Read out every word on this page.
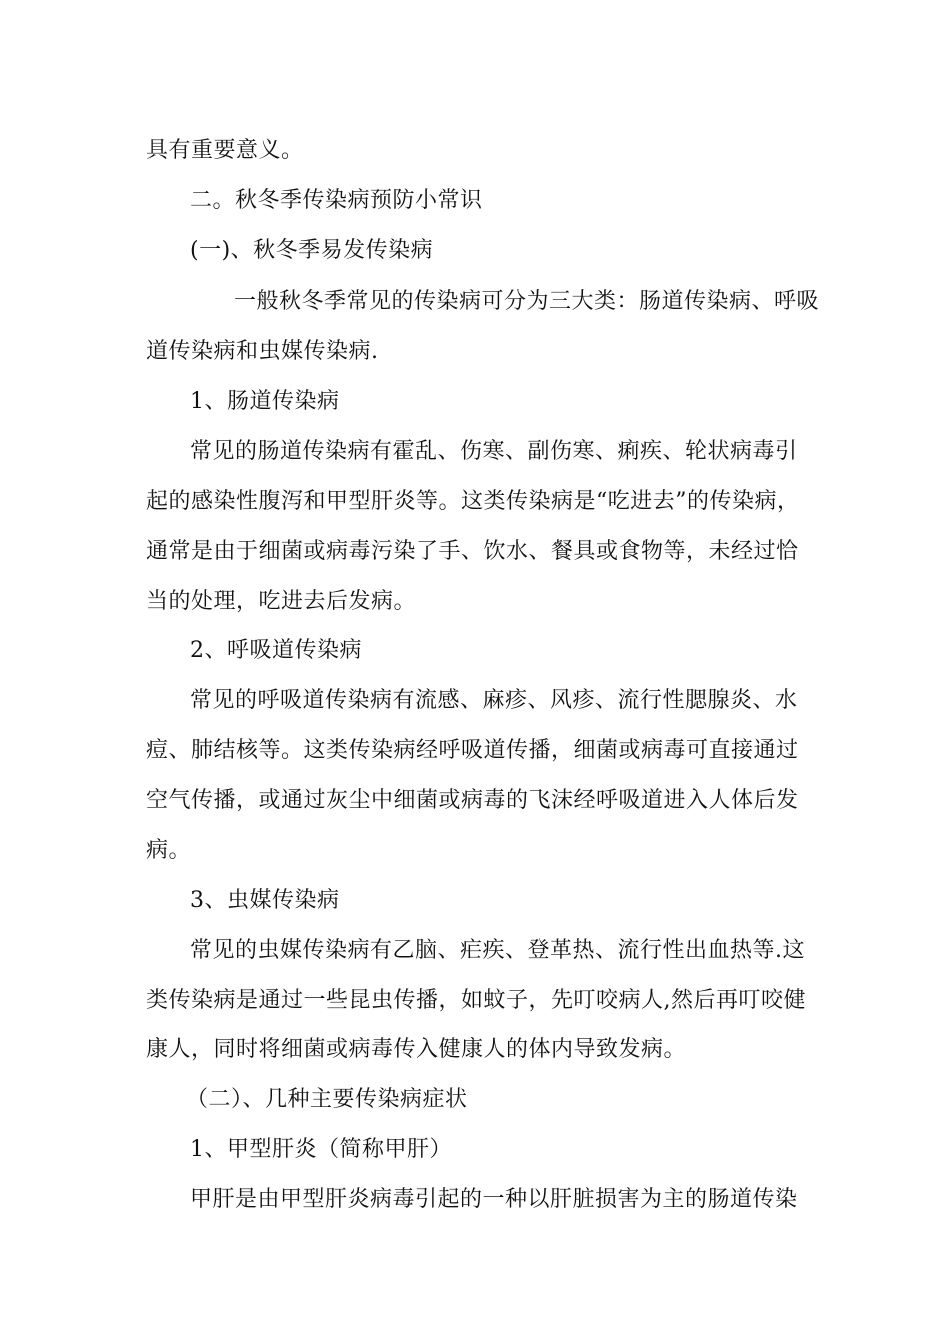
具有重要意义。
二。秋冬季传染病预防小常识
(一)、秋冬季易发传染病
一般秋冬季常见的传染病可分为三大类：肠道传染病、呼吸
道传染病和虫媒传染病.
1、肠道传染病
常见的肠道传染病有霍乱、伤寒、副伤寒、痢疾、轮状病毒引
起的感染性腹泻和甲型肝炎等。这类传染病是“吃进去”的传染病，
通常是由于细菌或病毒污染了手、饮水、餐具或食物等，未经过恰
当的处理，吃进去后发病。
2、呼吸道传染病
常见的呼吸道传染病有流感、麻疹、风疹、流行性腮腺炎、水
痘、肺结核等。这类传染病经呼吸道传播，细菌或病毒可直接通过
空气传播，或通过灰尘中细菌或病毒的飞沫经呼吸道进入人体后发
病。
3、虫媒传染病
常见的虫媒传染病有乙脑、疟疾、登革热、流行性出血热等.这
类传染病是通过一些昆虫传播，如蚊子，先叮咬病人,然后再叮咬健
康人，同时将细菌或病毒传入健康人的体内导致发病。
（二）、几种主要传染病症状
1、甲型肝炎（简称甲肝）
甲肝是由甲型肝炎病毒引起的一种以肝脏损害为主的肠道传染
